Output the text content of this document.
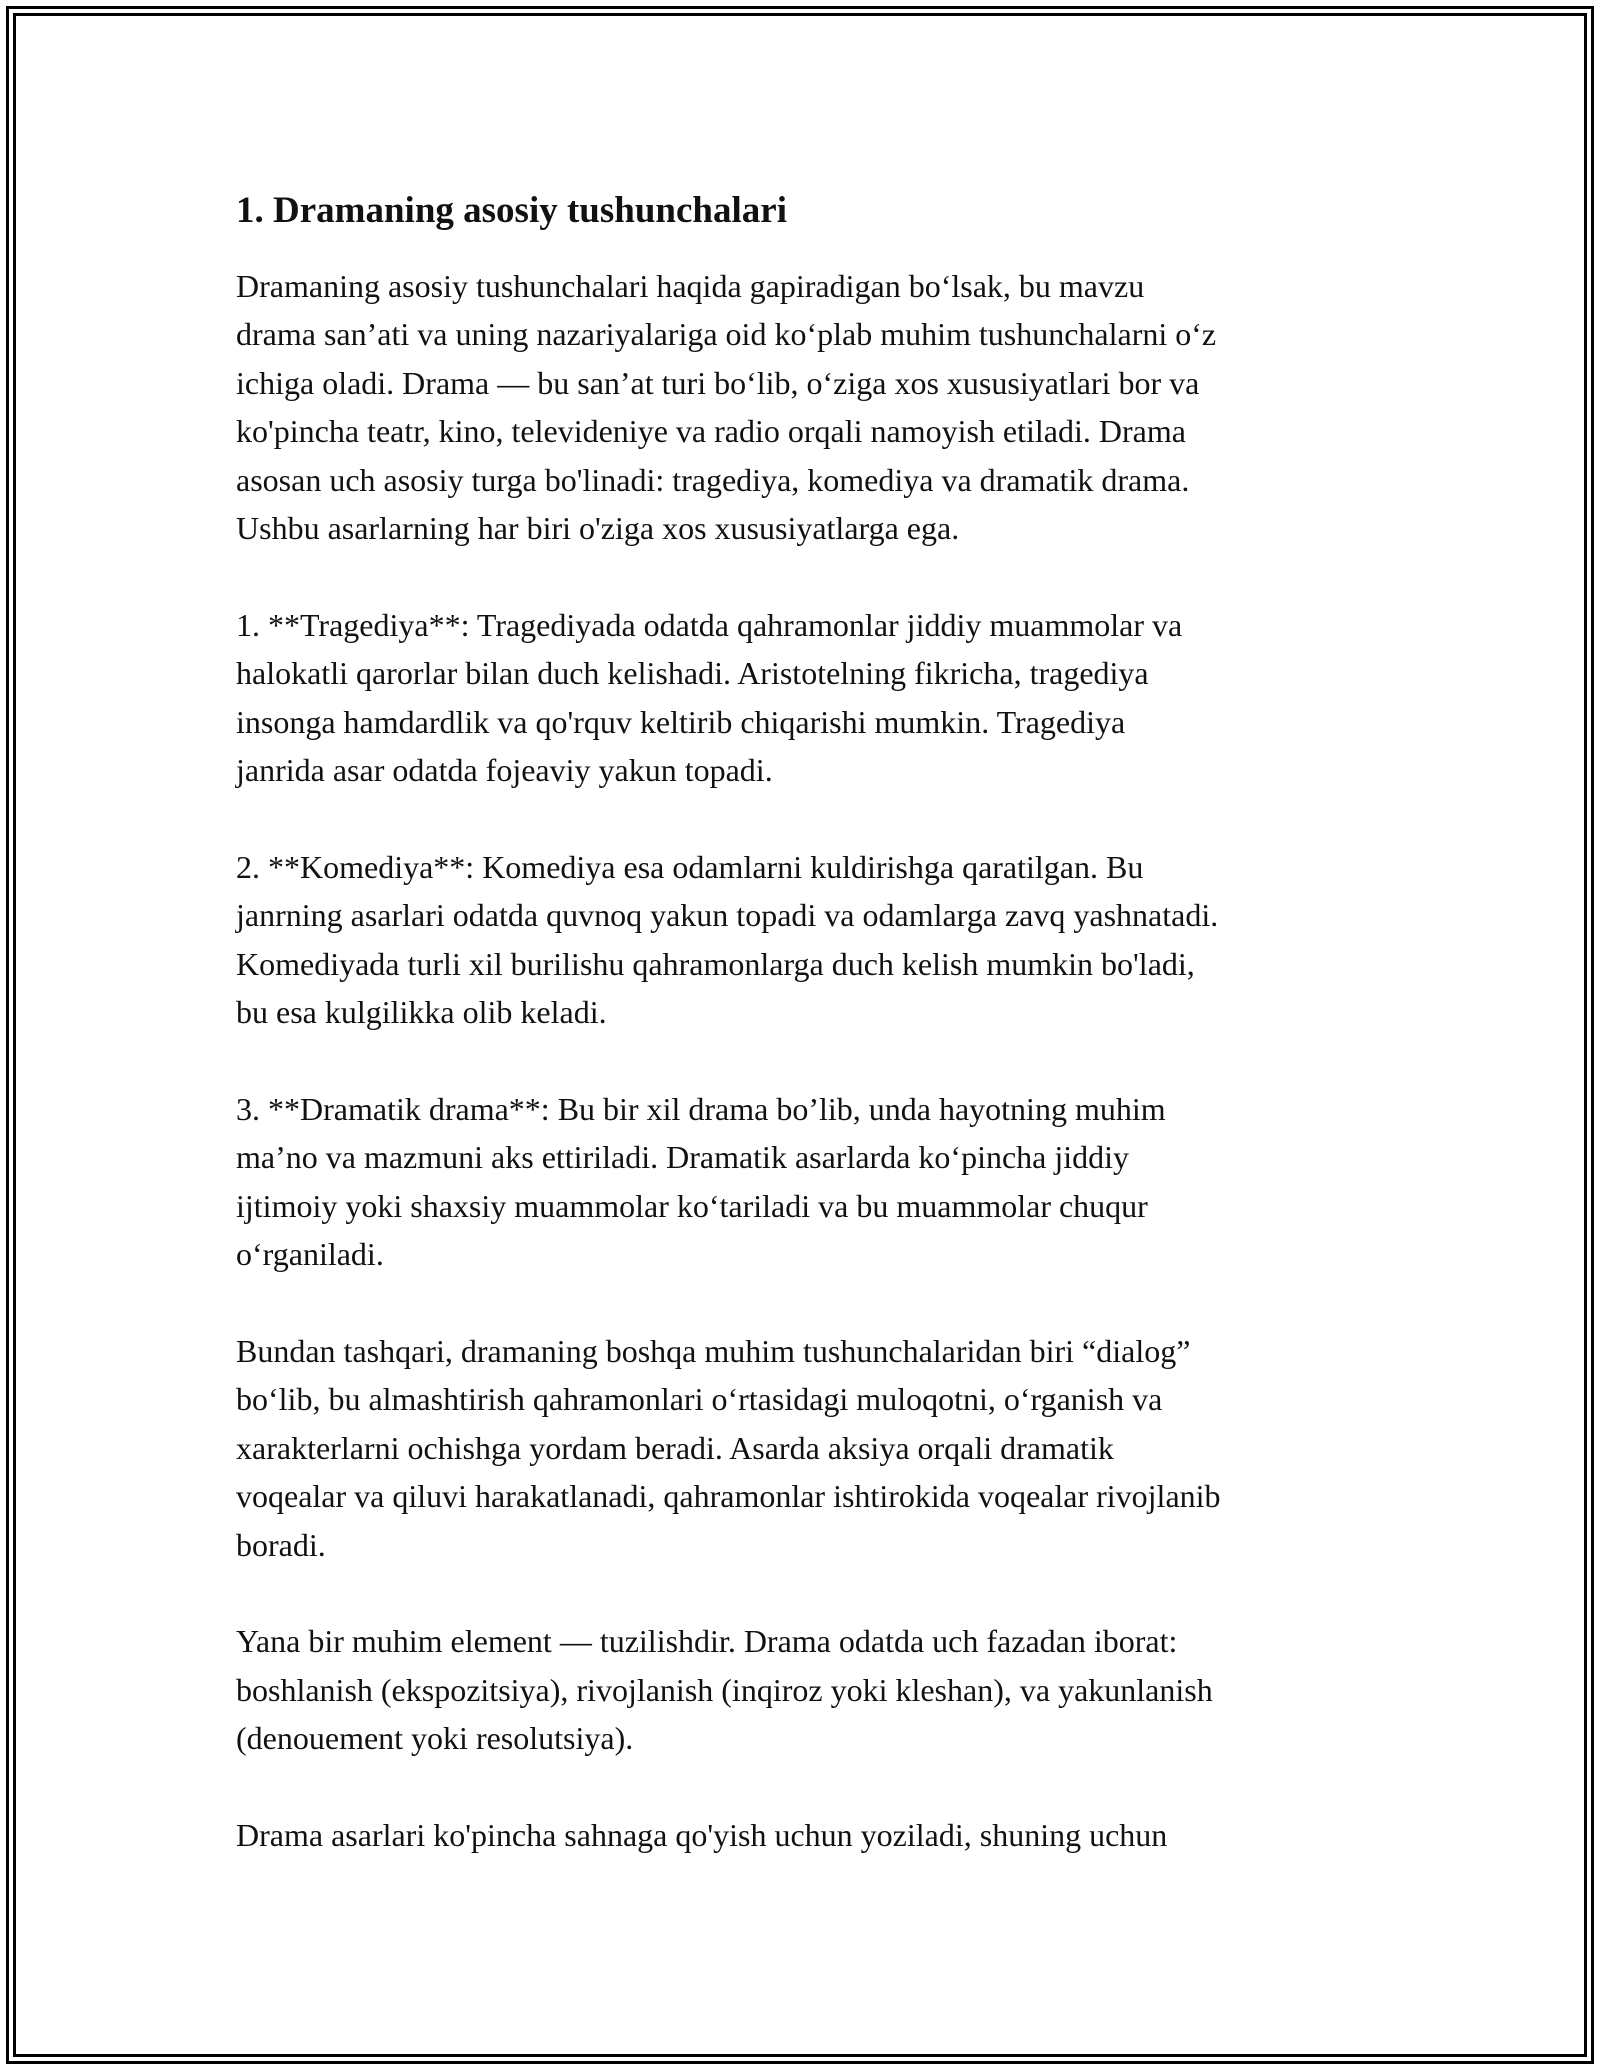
1. Dramaning asosiy tushunchalari

Dramaning asosiy tushunchalari haqida gapiradigan bo‘lsak, bu mavzu
drama san’ati va uning nazariyalariga oid ko‘plab muhim tushunchalarni o‘z
ichiga oladi. Drama — bu san’at turi bo‘lib, o‘ziga xos xususiyatlari bor va
ko'pincha teatr, kino, televideniye va radio orqali namoyish etiladi. Drama
asosan uch asosiy turga bo'linadi: tragediya, komediya va dramatik drama.
Ushbu asarlarning har biri o'ziga xos xususiyatlarga ega.

1. **Tragediya**: Tragediyada odatda qahramonlar jiddiy muammolar va
halokatli qarorlar bilan duch kelishadi. Aristotelning fikricha, tragediya
insonga hamdardlik va qo'rquv keltirib chiqarishi mumkin. Tragediya
janrida asar odatda fojeaviy yakun topadi.

2. **Komediya**: Komediya esa odamlarni kuldirishga qaratilgan. Bu
janrning asarlari odatda quvnoq yakun topadi va odamlarga zavq yashnatadi.
Komediyada turli xil burilishu qahramonlarga duch kelish mumkin bo'ladi,
bu esa kulgilikka olib keladi.

3. **Dramatik drama**: Bu bir xil drama bo’lib, unda hayotning muhim
ma’no va mazmuni aks ettiriladi. Dramatik asarlarda ko‘pincha jiddiy
ijtimoiy yoki shaxsiy muammolar ko‘tariladi va bu muammolar chuqur
o‘rganiladi.

Bundan tashqari, dramaning boshqa muhim tushunchalaridan biri “dialog”
bo‘lib, bu almashtirish qahramonlari o‘rtasidagi muloqotni, o‘rganish va
xarakterlarni ochishga yordam beradi. Asarda aksiya orqali dramatik
voqealar va qiluvi harakatlanadi, qahramonlar ishtirokida voqealar rivojlanib
boradi.

Yana bir muhim element — tuzilishdir. Drama odatda uch fazadan iborat:
boshlanish (ekspozitsiya), rivojlanish (inqiroz yoki kleshan), va yakunlanish
(denouement yoki resolutsiya).

Drama asarlari ko'pincha sahnaga qo'yish uchun yoziladi, shuning uchun
